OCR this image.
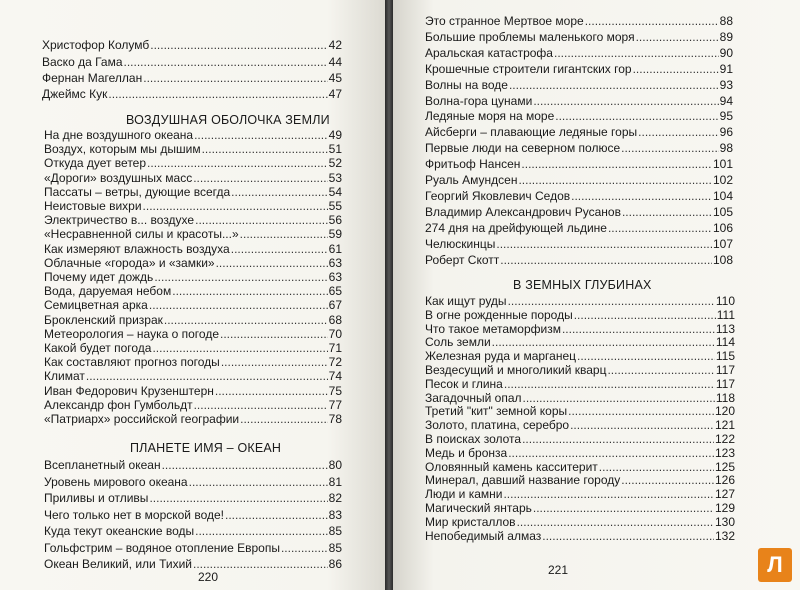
Христофор Колумб .....	42
Васко да Гама .....	44
Фернан Магеллан .....	45
Джеймс Кук .....	47
На дне воздушного океана .....	49
Воздух, которым мы дышим .....	51
Откуда дует ветер .....	52
«Дороги» воздушных масс .....	53
Пассаты – ветры, дующие всегда .....	54
Неистовые вихри .....	55
Электричество в... воздухе .....	56
«Несравненной силы и красоты...» .....	59
Как измеряют влажность воздуха .....	61
Облачные «города» и «замки» .....	63
Почему идет дождь .....	63
Вода, даруемая небом .....	65
Семицветная арка .....	67
Брокленский призрак .....	68
Метеорология – наука о погоде .....	70
Какой будет погода .....	71
Как составляют прогноз погоды .....	72
Климат .....	74
Иван Федорович Крузенштерн .....	75
Александр фон Гумбольдт .....	77
«Патриарх» российской географии .....	78
Всепланетный океан .....	80
Уровень мирового океана .....	81
Приливы и отливы .....	82
Чего только нет в морской воде! .....	83
Куда текут океанские воды .....	85
Гольфстрим – водяное отопление Европы .....	85
Океан Великий, или Тихий .....	86
ВОЗДУШНАЯ ОБОЛОЧКА ЗЕМЛИ
ПЛАНЕТЕ ИМЯ – ОКЕАН
220
Это странное Мертвое море .....	88
Большие проблемы маленького моря .....	89
Аральская катастрофа .....	90
Крошечные строители гигантских гор .....	91
Волны на воде .....	93
Волна-гора цунами .....	94
Ледяные моря на море .....	95
Айсберги – плавающие ледяные горы .....	96
Первые люди на северном полюсе .....	98
Фритьоф Нансен .....	101
Руаль Амундсен .....	102
Георгий Яковлевич Седов .....	104
Владимир Александрович Русанов .....	105
274 дня на дрейфующей льдине .....	106
Челюскинцы .....	107
Роберт Скотт .....	108
Как ищут руды .....	110
В огне рожденные породы .....	111
Что такое метаморфизм .....	113
Соль земли .....	114
Железная руда и марганец .....	115
Вездесущий и многоликий кварц .....	117
Песок и глина .....	117
Загадочный опал .....	118
Третий "кит" земной коры .....	120
Золото, платина, серебро .....	121
В поисках золота .....	122
Медь и бронза .....	123
Оловянный камень касситерит .....	125
Минерал, давший название городу .....	126
Люди и камни .....	127
Магический янтарь .....	129
Мир кристаллов .....	130
Непобедимый алмаз .....	132
В ЗЕМНЫХ ГЛУБИНАХ
221	Л
